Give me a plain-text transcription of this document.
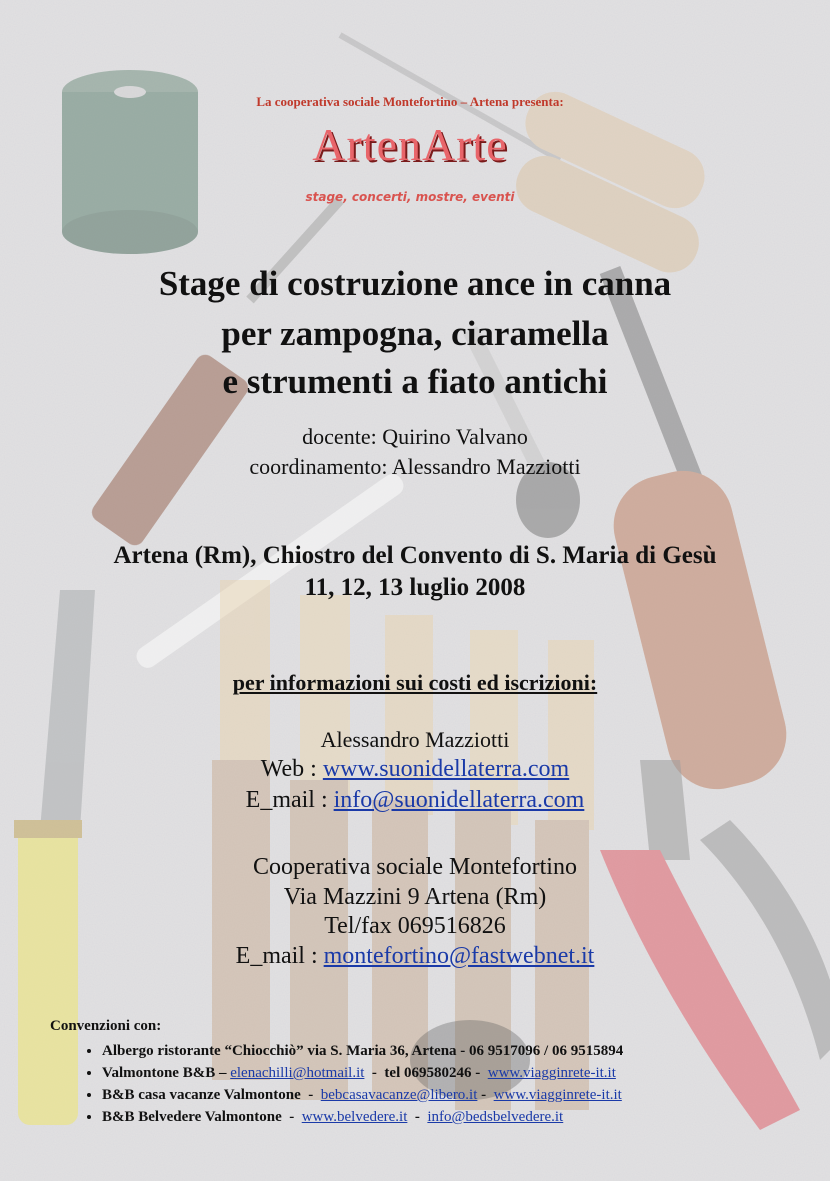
La cooperativa sociale Montefortino – Artena presenta:
ArtenArte
stage, concerti, mostre, eventi
Stage di costruzione ance in canna
per zampogna, ciaramella
e strumenti a fiato antichi
docente: Quirino Valvano
coordinamento: Alessandro Mazziotti
Artena (Rm), Chiostro del Convento di S. Maria di Gesù
11, 12, 13 luglio 2008
per informazioni sui costi ed iscrizioni:
Alessandro Mazziotti
Web : www.suonidellaterra.com
E_mail : info@suonidellaterra.com
Cooperativa sociale Montefortino
Via Mazzini 9 Artena (Rm)
Tel/fax 069516826
E_mail : montefortino@fastwebnet.it
Convenzioni con:
• Albergo ristorante “Chiocchiò” via S. Maria 36, Artena - 06 9517096 / 06 9515894
• Valmontone B&B – elenachilli@hotmail.it  -  tel 069580246 -  www.viagginrete-it.it
• B&B casa vacanze Valmontone  -  bebcasavacanze@libero.it -  www.viagginrete-it.it
• B&B Belvedere Valmontone  -  www.belvedere.it  -  info@bedsbelvedere.it
